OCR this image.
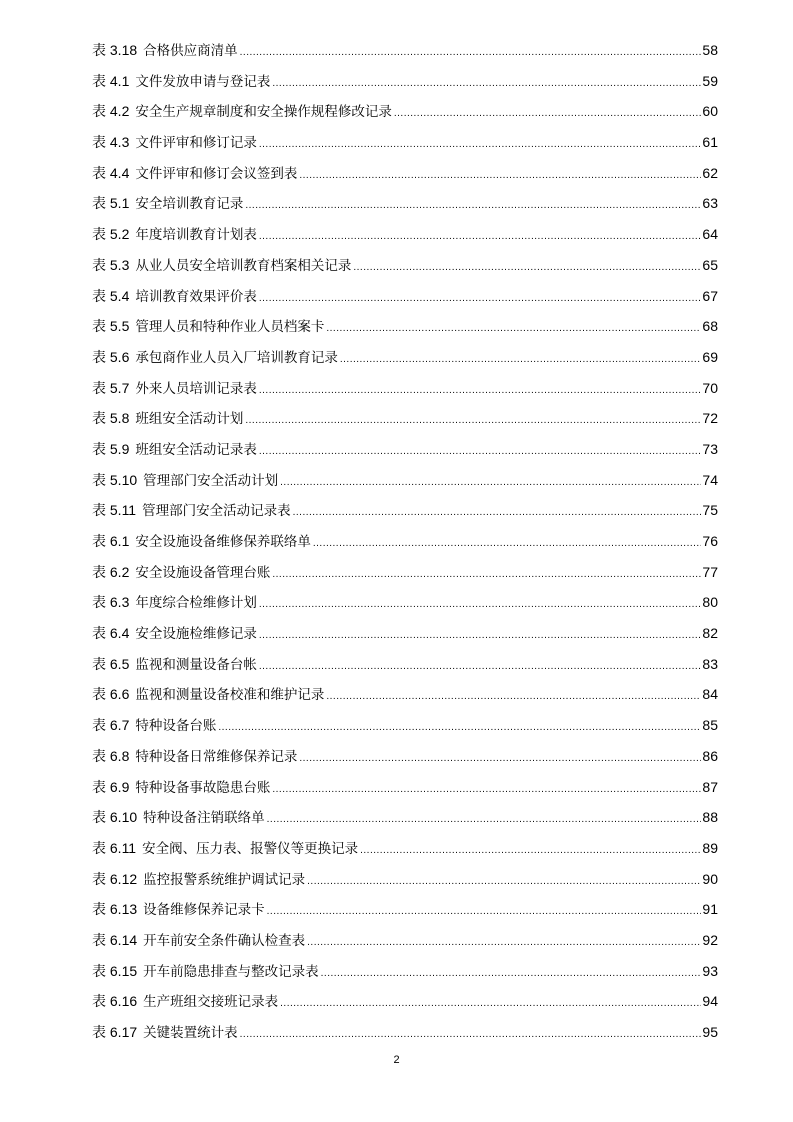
表 3.18 合格供应商清单 .....	58
表 4.1 文件发放申请与登记表 .....	59
表 4.2 安全生产规章制度和安全操作规程修改记录 .....	60
表 4.3 文件评审和修订记录 .....	61
表 4.4 文件评审和修订会议签到表 .....	62
表 5.1 安全培训教育记录 .....	63
表 5.2 年度培训教育计划表 .....	64
表 5.3 从业人员安全培训教育档案相关记录 .....	65
表 5.4 培训教育效果评价表 .....	67
表 5.5 管理人员和特种作业人员档案卡 .....	68
表 5.6 承包商作业人员入厂培训教育记录 .....	69
表 5.7 外来人员培训记录表 .....	70
表 5.8 班组安全活动计划 .....	72
表 5.9 班组安全活动记录表 .....	73
表 5.10 管理部门安全活动计划 .....	74
表 5.11 管理部门安全活动记录表 .....	75
表 6.1 安全设施设备维修保养联络单 .....	76
表 6.2 安全设施设备管理台账 .....	77
表 6.3 年度综合检维修计划 .....	80
表 6.4 安全设施检维修记录 .....	82
表 6.5 监视和测量设备台帐 .....	83
表 6.6 监视和测量设备校准和维护记录 .....	84
表 6.7 特种设备台账 .....	85
表 6.8 特种设备日常维修保养记录 .....	86
表 6.9 特种设备事故隐患台账 .....	87
表 6.10 特种设备注销联络单 .....	88
表 6.11 安全阀、压力表、报警仪等更换记录 .....	89
表 6.12 监控报警系统维护调试记录 .....	90
表 6.13 设备维修保养记录卡 .....	91
表 6.14 开车前安全条件确认检查表 .....	92
表 6.15 开车前隐患排查与整改记录表 .....	93
表 6.16 生产班组交接班记录表 .....	94
表 6.17 关键装置统计表 .....	95
2
